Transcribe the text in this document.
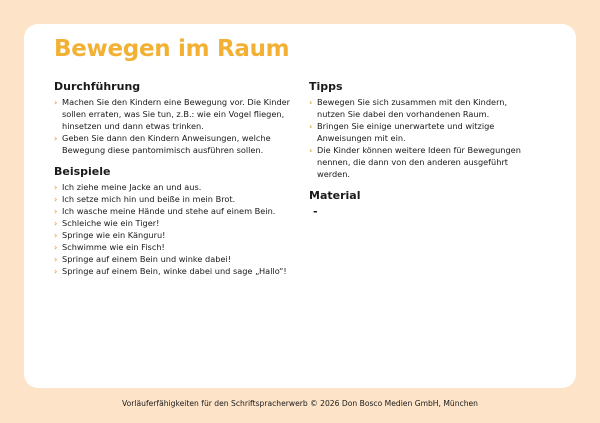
Bewegen im Raum
Durchführung
› Machen Sie den Kindern eine Bewegung vor. Die Kinder sollen erraten, was Sie tun, z.B.: wie ein Vogel fliegen, hinsetzen und dann etwas trinken.
› Geben Sie dann den Kindern Anweisungen, welche Bewegung diese pantomimisch ausführen sollen.
Beispiele
› Ich ziehe meine Jacke an und aus.
› Ich setze mich hin und beiße in mein Brot.
› Ich wasche meine Hände und stehe auf einem Bein.
› Schleiche wie ein Tiger!
› Springe wie ein Känguru!
› Schwimme wie ein Fisch!
› Springe auf einem Bein und winke dabei!
› Springe auf einem Bein, winke dabei und sage „Hallo“!
Tipps
› Bewegen Sie sich zusammen mit den Kindern, nutzen Sie dabei den vorhandenen Raum.
› Bringen Sie einige unerwartete und witzige Anweisungen mit ein.
› Die Kinder können weitere Ideen für Bewegungen nennen, die dann von den anderen ausgeführt werden.
Material
-
Vorläuferfähigkeiten für den Schriftspracherwerb © 2026 Don Bosco Medien GmbH, München
